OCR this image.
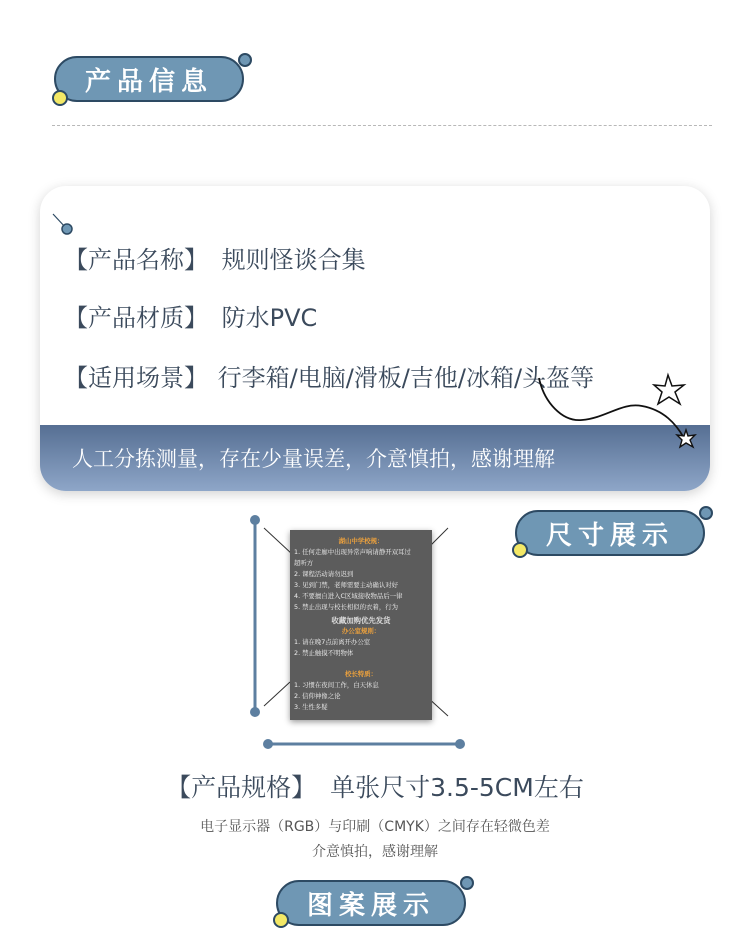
产品信息
【产品名称】 规则怪谈合集
【产品材质】 防水PVC
【适用场景】 行李箱/电脑/滑板/吉他/冰箱/头盔等
人工分拣测量，存在少量误差，介意慎拍，感谢理解
尺寸展示
湖山中学校规：
1. 任何走廊中出现异常声响请静开双耳过
超听方
2. 课程活动请勿迟到
3. 见到门禁，老师需要主动确认对好
4. 不要擅自进入C区域接收物品后一律
5. 禁止出现与校长相似的衣着，行为
收藏加购优先发货
办公室规则：
1. 请在晚7点前离开办公室
2. 禁止触摸不明物体
校长特质：
1. 习惯在夜间工作，白天休息
2. 信仰神像之论
3. 生性多疑
【产品规格】 单张尺寸3.5-5CM左右
电子显示器（RGB）与印刷（CMYK）之间存在轻微色差
介意慎拍，感谢理解
图案展示
